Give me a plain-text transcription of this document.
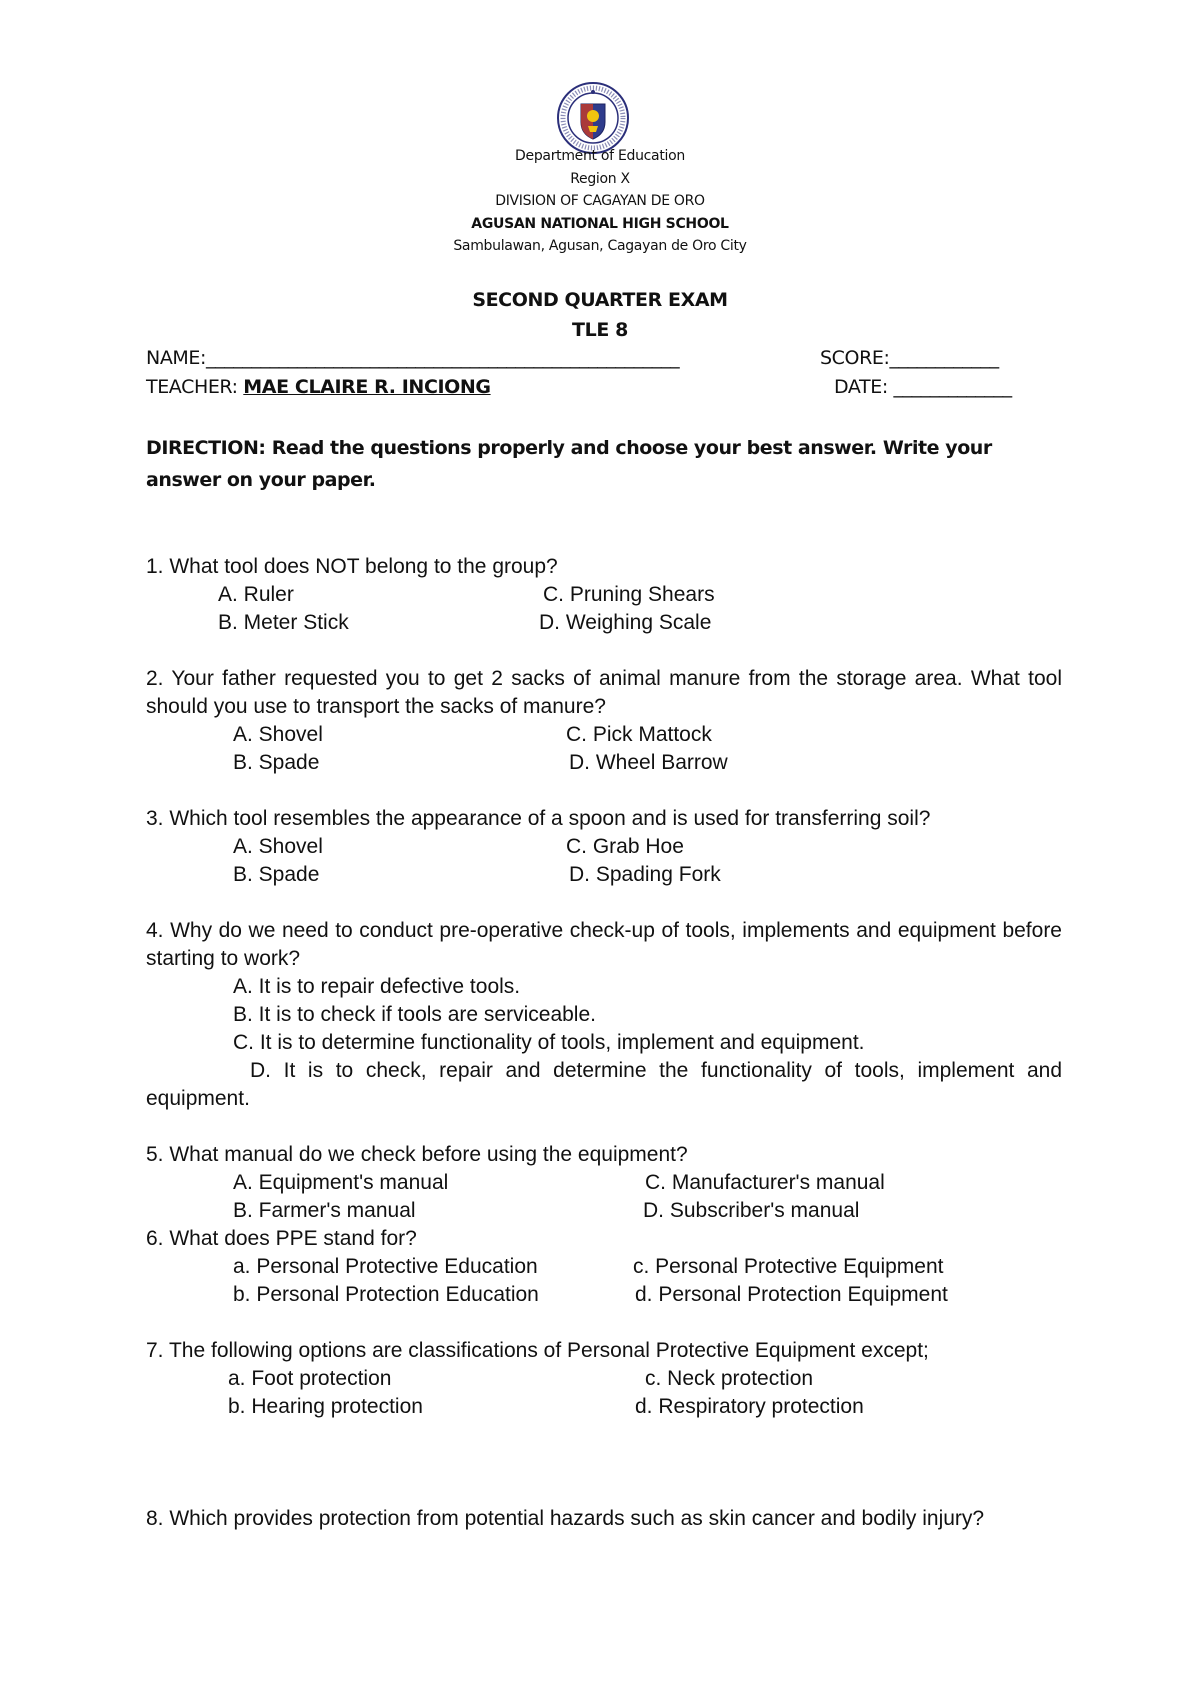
Department of Education
Region X
DIVISION OF CAGAYAN DE ORO
AGUSAN NATIONAL HIGH SCHOOL
Sambulawan, Agusan, Cagayan de Oro City
SECOND QUARTER EXAM
TLE 8
NAME:____________________________________________________	SCORE:____________
TEACHER: MAE CLAIRE R. INCIONG	DATE: _____________
DIRECTION: Read the questions properly and choose your best answer. Write your answer on your paper.
1. What tool does NOT belong to the group?
A. Ruler	C. Pruning Shears
B. Meter Stick	D. Weighing Scale
2. Your father requested you to get 2 sacks of animal manure from the storage area. What tool should you use to transport the sacks of manure?
A. Shovel	C. Pick Mattock
B. Spade	D. Wheel Barrow
3. Which tool resembles the appearance of a spoon and is used for transferring soil?
A. Shovel	C. Grab Hoe
B. Spade	D. Spading Fork
4. Why do we need to conduct pre-operative check-up of tools, implements and equipment before starting to work?
A. It is to repair defective tools.
B. It is to check if tools are serviceable.
C. It is to determine functionality of tools, implement and equipment.
D. It is to check, repair and determine the functionality of tools, implement and equipment.
5. What manual do we check before using the equipment?
A. Equipment's manual	C. Manufacturer's manual
B. Farmer's manual	D. Subscriber's manual
6. What does PPE stand for?
a. Personal Protective Education	c. Personal Protective Equipment
b. Personal Protection Education	d. Personal Protection Equipment
7. The following options are classifications of Personal Protective Equipment except;
a. Foot protection	c. Neck protection
b. Hearing protection	d. Respiratory protection
8. Which provides protection from potential hazards such as skin cancer and bodily injury?
